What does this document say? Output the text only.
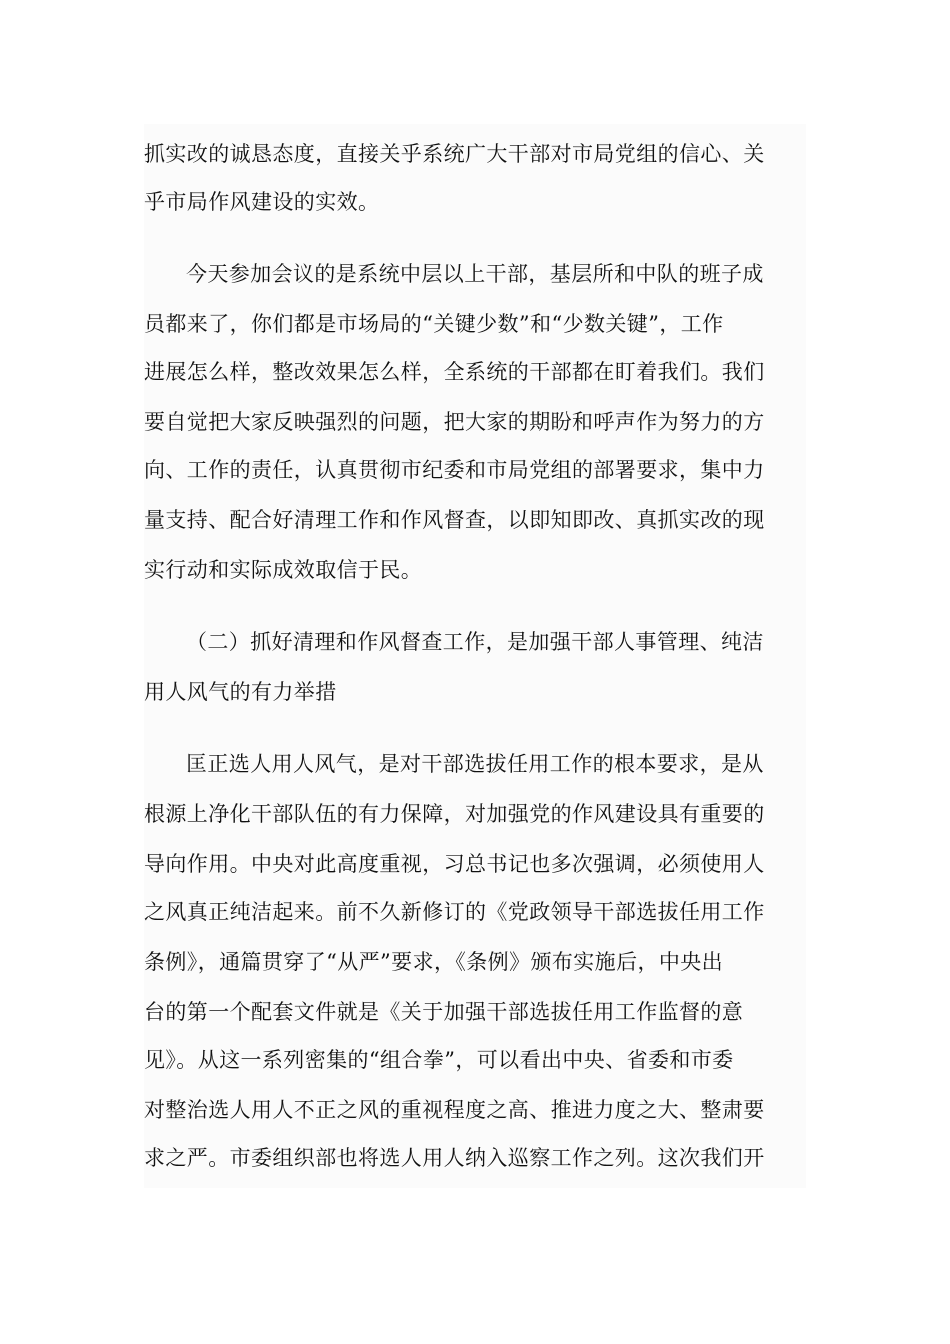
抓实改的诚恳态度，直接关乎系统广大干部对市局党组的信心、关
乎市局作风建设的实效。
今天参加会议的是系统中层以上干部，基层所和中队的班子成
员都来了，你们都是市场局的“关键少数”和“少数关键”，工作
进展怎么样，整改效果怎么样，全系统的干部都在盯着我们。我们
要自觉把大家反映强烈的问题，把大家的期盼和呼声作为努力的方
向、工作的责任，认真贯彻市纪委和市局党组的部署要求，集中力
量支持、配合好清理工作和作风督查，以即知即改、真抓实改的现
实行动和实际成效取信于民。
（二）抓好清理和作风督查工作，是加强干部人事管理、纯洁
用人风气的有力举措
匡正选人用人风气，是对干部选拔任用工作的根本要求，是从
根源上净化干部队伍的有力保障，对加强党的作风建设具有重要的
导向作用。中央对此高度重视，习总书记也多次强调，必须使用人
之风真正纯洁起来。前不久新修订的《党政领导干部选拔任用工作
条例》，通篇贯穿了“从严”要求，《条例》颁布实施后，中央出
台的第一个配套文件就是《关于加强干部选拔任用工作监督的意
见》。从这一系列密集的“组合拳”，可以看出中央、省委和市委
对整治选人用人不正之风的重视程度之高、推进力度之大、整肃要
求之严。市委组织部也将选人用人纳入巡察工作之列。这次我们开
